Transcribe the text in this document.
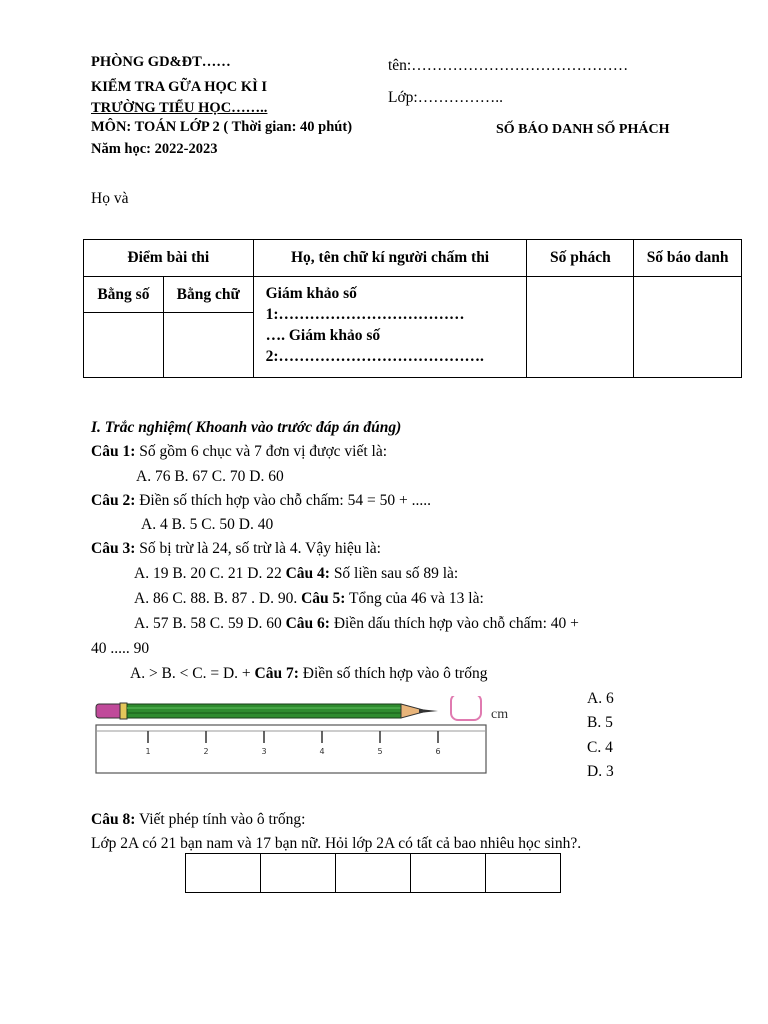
PHÒNG GD&ĐT……
KIỂM TRA GỮA HỌC KÌ I
TRƯỜNG TIỂU HỌC……..
MÔN: TOÁN LỚP 2 ( Thời gian: 40 phút)
Năm học: 2022-2023
tên:……………………………………
Lớp:……………..
SỐ BÁO DANH SỐ PHÁCH
Họ và
Điểm bài thi		Họ, tên chữ kí người chấm thi	Số phách	Số báo danh
Bằng số	Bằng chữ	Giám khảo số
1:………………………………
…. Giám khảo số
2:………………………………….		

I. Trắc nghiệm( Khoanh vào trước đáp án đúng)
Câu 1: Số gồm 6 chục và 7 đơn vị được viết là:
A. 76 B. 67 C. 70 D. 60
Câu 2: Điền số thích hợp vào chỗ chấm: 54 = 50 + .....
A. 4 B. 5 C. 50 D. 40
Câu 3: Số bị trừ là 24, số trừ là 4. Vậy hiệu là:
A. 19 B. 20 C. 21 D. 22 Câu 4: Số liền sau số 89 là:
A. 86 C. 88. B. 87 . D. 90. Câu 5: Tổng của 46 và 13 là:
A. 57 B. 58 C. 59 D. 60 Câu 6: Điền dấu thích hợp vào chỗ chấm: 40 +
40 ..... 90
A. > B. < C. = D. + Câu 7: Điền số thích hợp vào ô trống
1	2	3	4	5	6
cm
A. 6
B. 5
C. 4
D. 3
Câu 8: Viết phép tính vào ô trống:
Lớp 2A có 21 bạn nam và 17 bạn nữ. Hỏi lớp 2A có tất cả bao nhiêu học sinh?.
